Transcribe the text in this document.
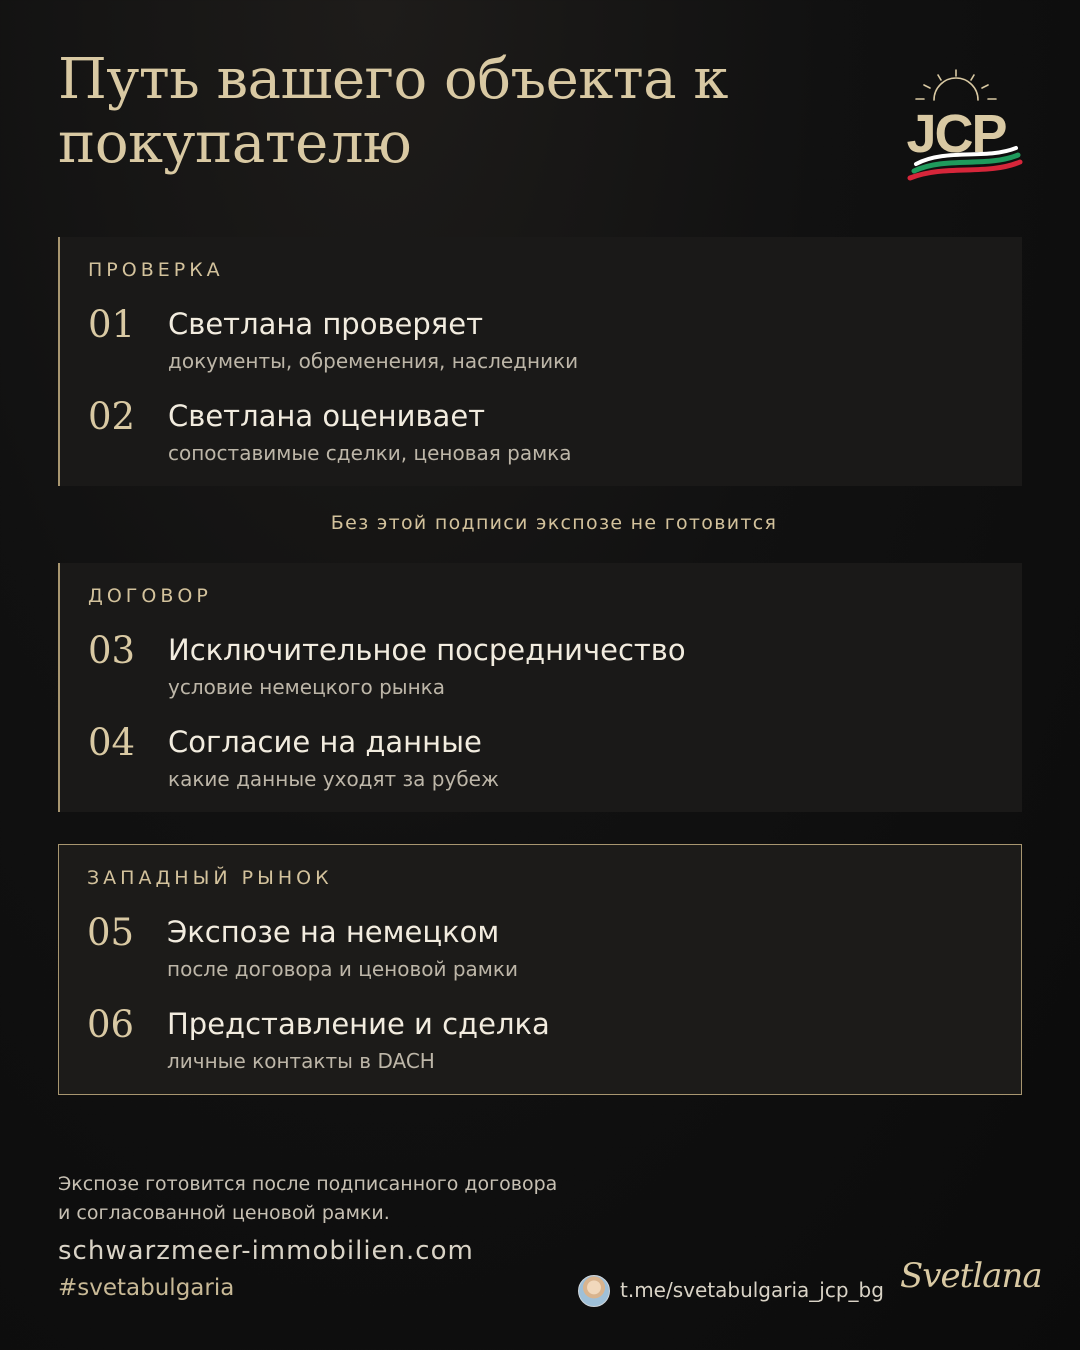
Путь вашего объекта к
покупателю	JCP
ПРОВЕРКА
01 Светлана проверяет
документы, обременения, наследники
02 Светлана оценивает
сопоставимые сделки, ценовая рамка
Без этой подписи экспозе не готовится
ДОГОВОР
03 Исключительное посредничество
условие немецкого рынка
04 Согласие на данные
какие данные уходят за рубеж
ЗАПАДНЫЙ РЫНОК
05 Экспозе на немецком
после договора и ценовой рамки
06 Представление и сделка
личные контакты в DACH
Экспозе готовится после подписанного договора
и согласованной ценовой рамки.
schwarzmeer-immobilien.com
#svetabulgaria	t.me/svetabulgaria_jcp_bg Svetlana
